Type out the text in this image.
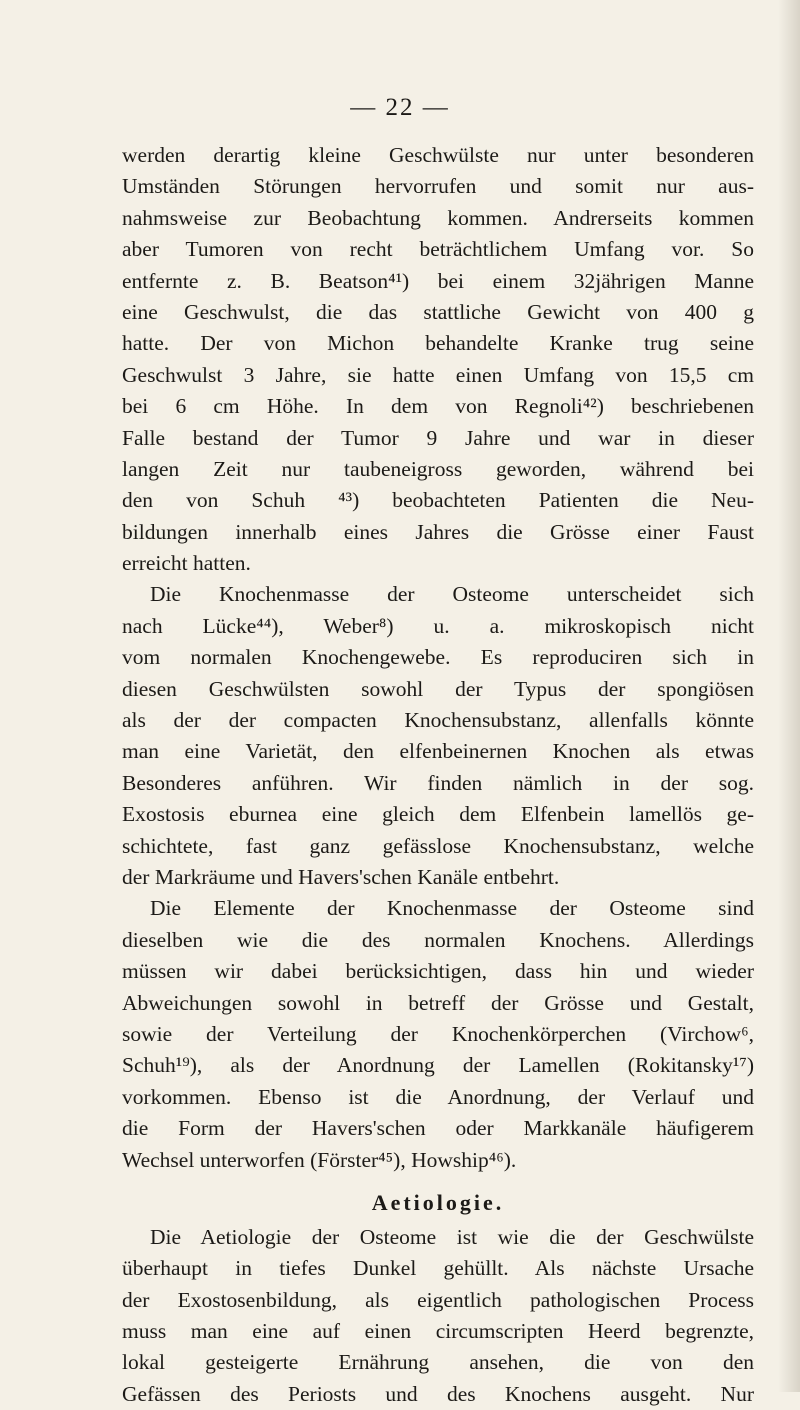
— 22 —
werden derartig kleine Geschwülste nur unter besonderen
Umständen Störungen hervorrufen und somit nur aus-
nahmsweise zur Beobachtung kommen. Andrerseits kommen
aber Tumoren von recht beträchtlichem Umfang vor. So
entfernte z. B. Beatson⁴¹) bei einem 32jährigen Manne
eine Geschwulst, die das stattliche Gewicht von 400 g
hatte. Der von Michon behandelte Kranke trug seine
Geschwulst 3 Jahre, sie hatte einen Umfang von 15,5 cm
bei 6 cm Höhe. In dem von Regnoli⁴²) beschriebenen
Falle bestand der Tumor 9 Jahre und war in dieser
langen Zeit nur taubeneigross geworden, während bei
den von Schuh ⁴³) beobachteten Patienten die Neu-
bildungen innerhalb eines Jahres die Grösse einer Faust
erreicht hatten.
Die Knochenmasse der Osteome unterscheidet sich
nach Lücke⁴⁴), Weber⁸) u. a. mikroskopisch nicht
vom normalen Knochengewebe. Es reproduciren sich in
diesen Geschwülsten sowohl der Typus der spongiösen
als der der compacten Knochensubstanz, allenfalls könnte
man eine Varietät, den elfenbeinernen Knochen als etwas
Besonderes anführen. Wir finden nämlich in der sog.
Exostosis eburnea eine gleich dem Elfenbein lamellös ge-
schichtete, fast ganz gefässlose Knochensubstanz, welche
der Markräume und Havers'schen Kanäle entbehrt.
Die Elemente der Knochenmasse der Osteome sind
dieselben wie die des normalen Knochens. Allerdings
müssen wir dabei berücksichtigen, dass hin und wieder
Abweichungen sowohl in betreff der Grösse und Gestalt,
sowie der Verteilung der Knochenkörperchen (Virchow⁶,
Schuh¹⁹), als der Anordnung der Lamellen (Rokitansky¹⁷)
vorkommen. Ebenso ist die Anordnung, der Verlauf und
die Form der Havers'schen oder Markkanäle häufigerem
Wechsel unterworfen (Förster⁴⁵), Howship⁴⁶).
Aetiologie.
Die Aetiologie der Osteome ist wie die der Geschwülste
überhaupt in tiefes Dunkel gehüllt. Als nächste Ursache
der Exostosenbildung, als eigentlich pathologischen Process
muss man eine auf einen circumscripten Heerd begrenzte,
lokal gesteigerte Ernährung ansehen, die von den
Gefässen des Periosts und des Knochens ausgeht. Nur
